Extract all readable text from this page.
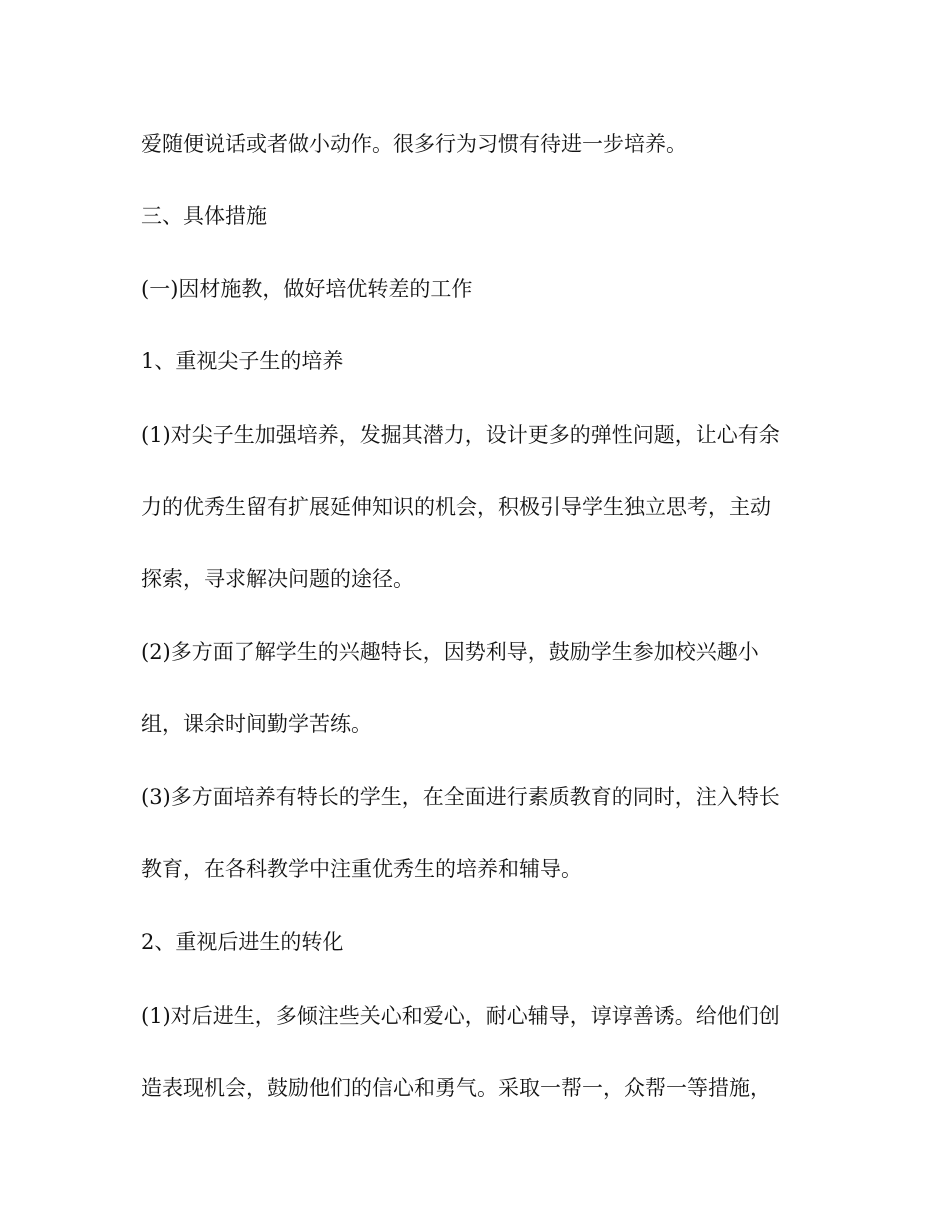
爱随便说话或者做小动作。很多行为习惯有待进一步培养。
三、具体措施
(一)因材施教，做好培优转差的工作
1、重视尖子生的培养
(1)对尖子生加强培养，发掘其潜力，设计更多的弹性问题，让心有余
力的优秀生留有扩展延伸知识的机会，积极引导学生独立思考，主动
探索，寻求解决问题的途径。
(2)多方面了解学生的兴趣特长，因势利导，鼓励学生参加校兴趣小
组，课余时间勤学苦练。
(3)多方面培养有特长的学生，在全面进行素质教育的同时，注入特长
教育，在各科教学中注重优秀生的培养和辅导。
2、重视后进生的转化
(1)对后进生，多倾注些关心和爱心，耐心辅导，谆谆善诱。给他们创
造表现机会，鼓励他们的信心和勇气。采取一帮一，众帮一等措施，
